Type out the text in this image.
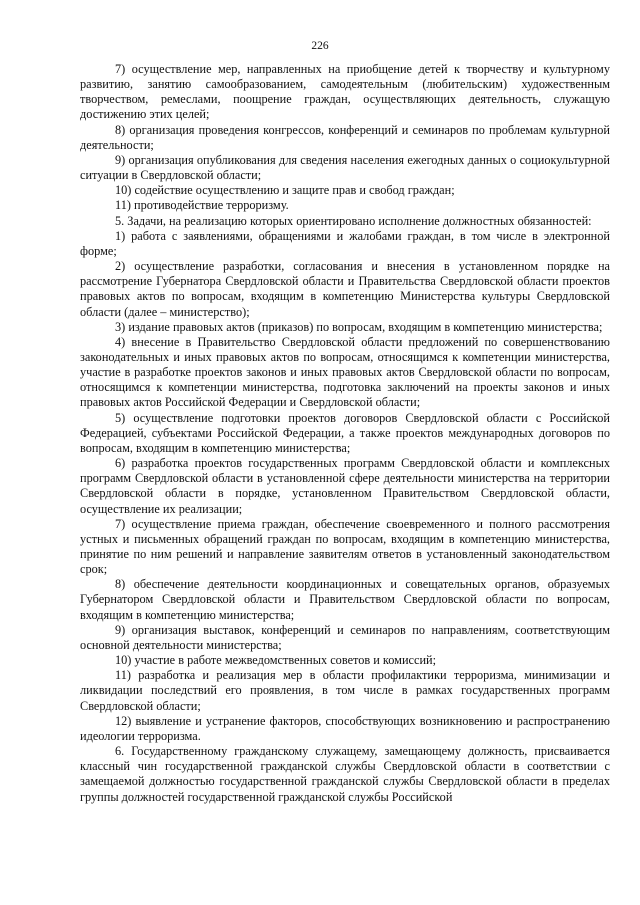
226

7) осуществление мер, направленных на приобщение детей к творчеству и культурному развитию, занятию самообразованием, самодеятельным (любительским) художественным творчеством, ремеслами, поощрение граждан, осуществляющих деятельность, служащую достижению этих целей;

8) организация проведения конгрессов, конференций и семинаров по проблемам культурной деятельности;

9) организация опубликования для сведения населения ежегодных данных о социокультурной ситуации в Свердловской области;

10) содействие осуществлению и защите прав и свобод граждан;

11) противодействие терроризму.

5. Задачи, на реализацию которых ориентировано исполнение должностных обязанностей:

1) работа с заявлениями, обращениями и жалобами граждан, в том числе в электронной форме;

2) осуществление разработки, согласования и внесения в установленном порядке на рассмотрение Губернатора Свердловской области и Правительства Свердловской области проектов правовых актов по вопросам, входящим в компетенцию Министерства культуры Свердловской области (далее – министерство);

3) издание правовых актов (приказов) по вопросам, входящим в компетенцию министерства;

4) внесение в Правительство Свердловской области предложений по совершенствованию законодательных и иных правовых актов по вопросам, относящимся к компетенции министерства, участие в разработке проектов законов и иных правовых актов Свердловской области по вопросам, относящимся к компетенции министерства, подготовка заключений на проекты законов и иных правовых актов Российской Федерации и Свердловской области;

5) осуществление подготовки проектов договоров Свердловской области с Российской Федерацией, субъектами Российской Федерации, а также проектов международных договоров по вопросам, входящим в компетенцию министерства;

6) разработка проектов государственных программ Свердловской области и комплексных программ Свердловской области в установленной сфере деятельности министерства на территории Свердловской области в порядке, установленном Правительством Свердловской области, осуществление их реализации;

7) осуществление приема граждан, обеспечение своевременного и полного рассмотрения устных и письменных обращений граждан по вопросам, входящим в компетенцию министерства, принятие по ним решений и направление заявителям ответов в установленный законодательством срок;

8) обеспечение деятельности координационных и совещательных органов, образуемых Губернатором Свердловской области и Правительством Свердловской области по вопросам, входящим в компетенцию министерства;

9) организация выставок, конференций и семинаров по направлениям, соответствующим основной деятельности министерства;

10) участие в работе межведомственных советов и комиссий;

11) разработка и реализация мер в области профилактики терроризма, минимизации и ликвидации последствий его проявления, в том числе в рамках государственных программ Свердловской области;

12) выявление и устранение факторов, способствующих возникновению и распространению идеологии терроризма.

6. Государственному гражданскому служащему, замещающему должность, присваивается классный чин государственной гражданской службы Свердловской области в соответствии с замещаемой должностью государственной гражданской службы Свердловской области в пределах группы должностей государственной гражданской службы Российской
